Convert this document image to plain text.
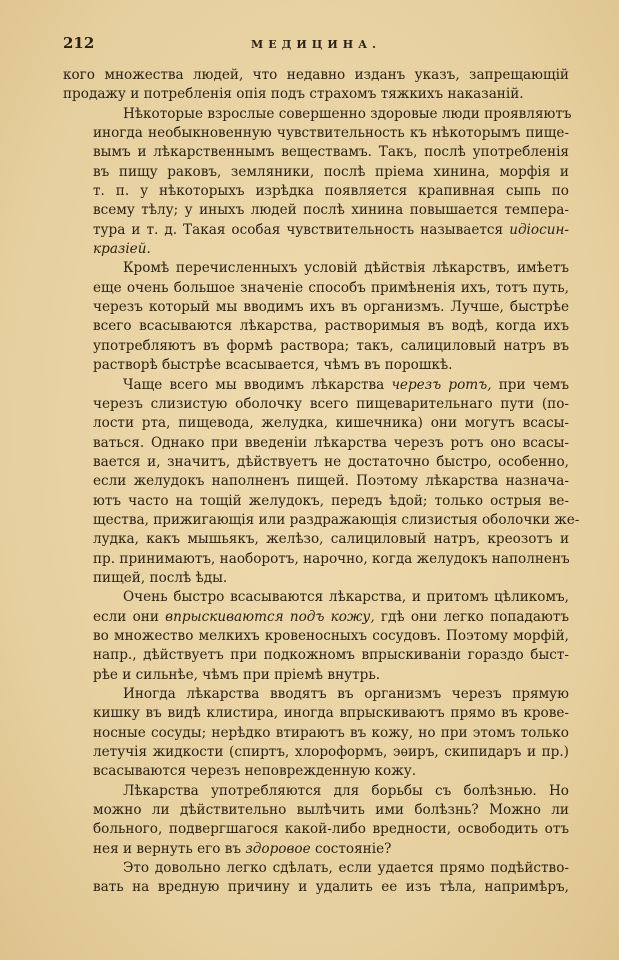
212	МЕДИЦИНА.

кого множества людей, что недавно изданъ указъ, запрещающій
продажу и потребленія опія подъ страхомъ тяжкихъ наказаній.

Нѣкоторые взрослые совершенно здоровые люди проявляютъ
иногда необыкновенную чувствительность къ нѣкоторымъ пище-
вымъ и лѣкарственнымъ веществамъ. Такъ, послѣ употребленія
въ пищу раковъ, земляники, послѣ пріема хинина, морфія и
т. п. у нѣкоторыхъ изрѣдка появляется крапивная сыпь по
всему тѣлу; у иныхъ людей послѣ хинина повышается темпера-
тура и т. д. Такая особая чувствительность называется идіосин-
кразіей.

Кромѣ перечисленныхъ условій дѣйствія лѣкарствъ, имѣетъ
еще очень большое значеніе способъ примѣненія ихъ, тотъ путь,
черезъ который мы вводимъ ихъ въ организмъ. Лучше, быстрѣе
всего всасываются лѣкарства, растворимыя въ водѣ, когда ихъ
употребляютъ въ формѣ раствора; такъ, салициловый натръ въ
растворѣ быстрѣе всасывается, чѣмъ въ порошкѣ.

Чаще всего мы вводимъ лѣкарства черезъ ротъ, при чемъ
черезъ слизистую оболочку всего пищеварительнаго пути (по-
лости рта, пищевода, желудка, кишечника) они могутъ всасы-
ваться. Однако при введеніи лѣкарства черезъ ротъ оно всасы-
вается и, значитъ, дѣйствуетъ не достаточно быстро, особенно,
если желудокъ наполненъ пищей. Поэтому лѣкарства назнача-
ютъ часто на тощій желудокъ, передъ ѣдой; только острыя ве-
щества, прижигающія или раздражающія слизистыя оболочки же-
лудка, какъ мышьякъ, желѣзо, салициловый натръ, креозотъ и
пр. принимаютъ, наоборотъ, нарочно, когда желудокъ наполненъ
пищей, послѣ ѣды.

Очень быстро всасываются лѣкарства, и притомъ цѣликомъ,
если они впрыскиваются подъ кожу, гдѣ они легко попадаютъ
во множество мелкихъ кровеносныхъ сосудовъ. Поэтому морфій,
напр., дѣйствуетъ при подкожномъ впрыскиваніи гораздо быст-
рѣе и сильнѣе, чѣмъ при пріемѣ внутрь.

Иногда лѣкарства вводятъ въ организмъ черезъ прямую
кишку въ видѣ клистира, иногда впрыскиваютъ прямо въ крове-
носные сосуды; нерѣдко втираютъ въ кожу, но при этомъ только
летучія жидкости (спиртъ, хлороформъ, эѳиръ, скипидаръ и пр.)
всасываются черезъ неповрежденную кожу.

Лѣкарства употребляются для борьбы съ болѣзнью. Но
можно ли дѣйствительно вылѣчить ими болѣзнь? Можно ли
больного, подвергшагося какой-либо вредности, освободить отъ
нея и вернуть его въ здоровое состояніе?

Это довольно легко сдѣлать, если удается прямо подѣйство-
вать на вредную причину и удалить ее изъ тѣла, напримѣръ,
